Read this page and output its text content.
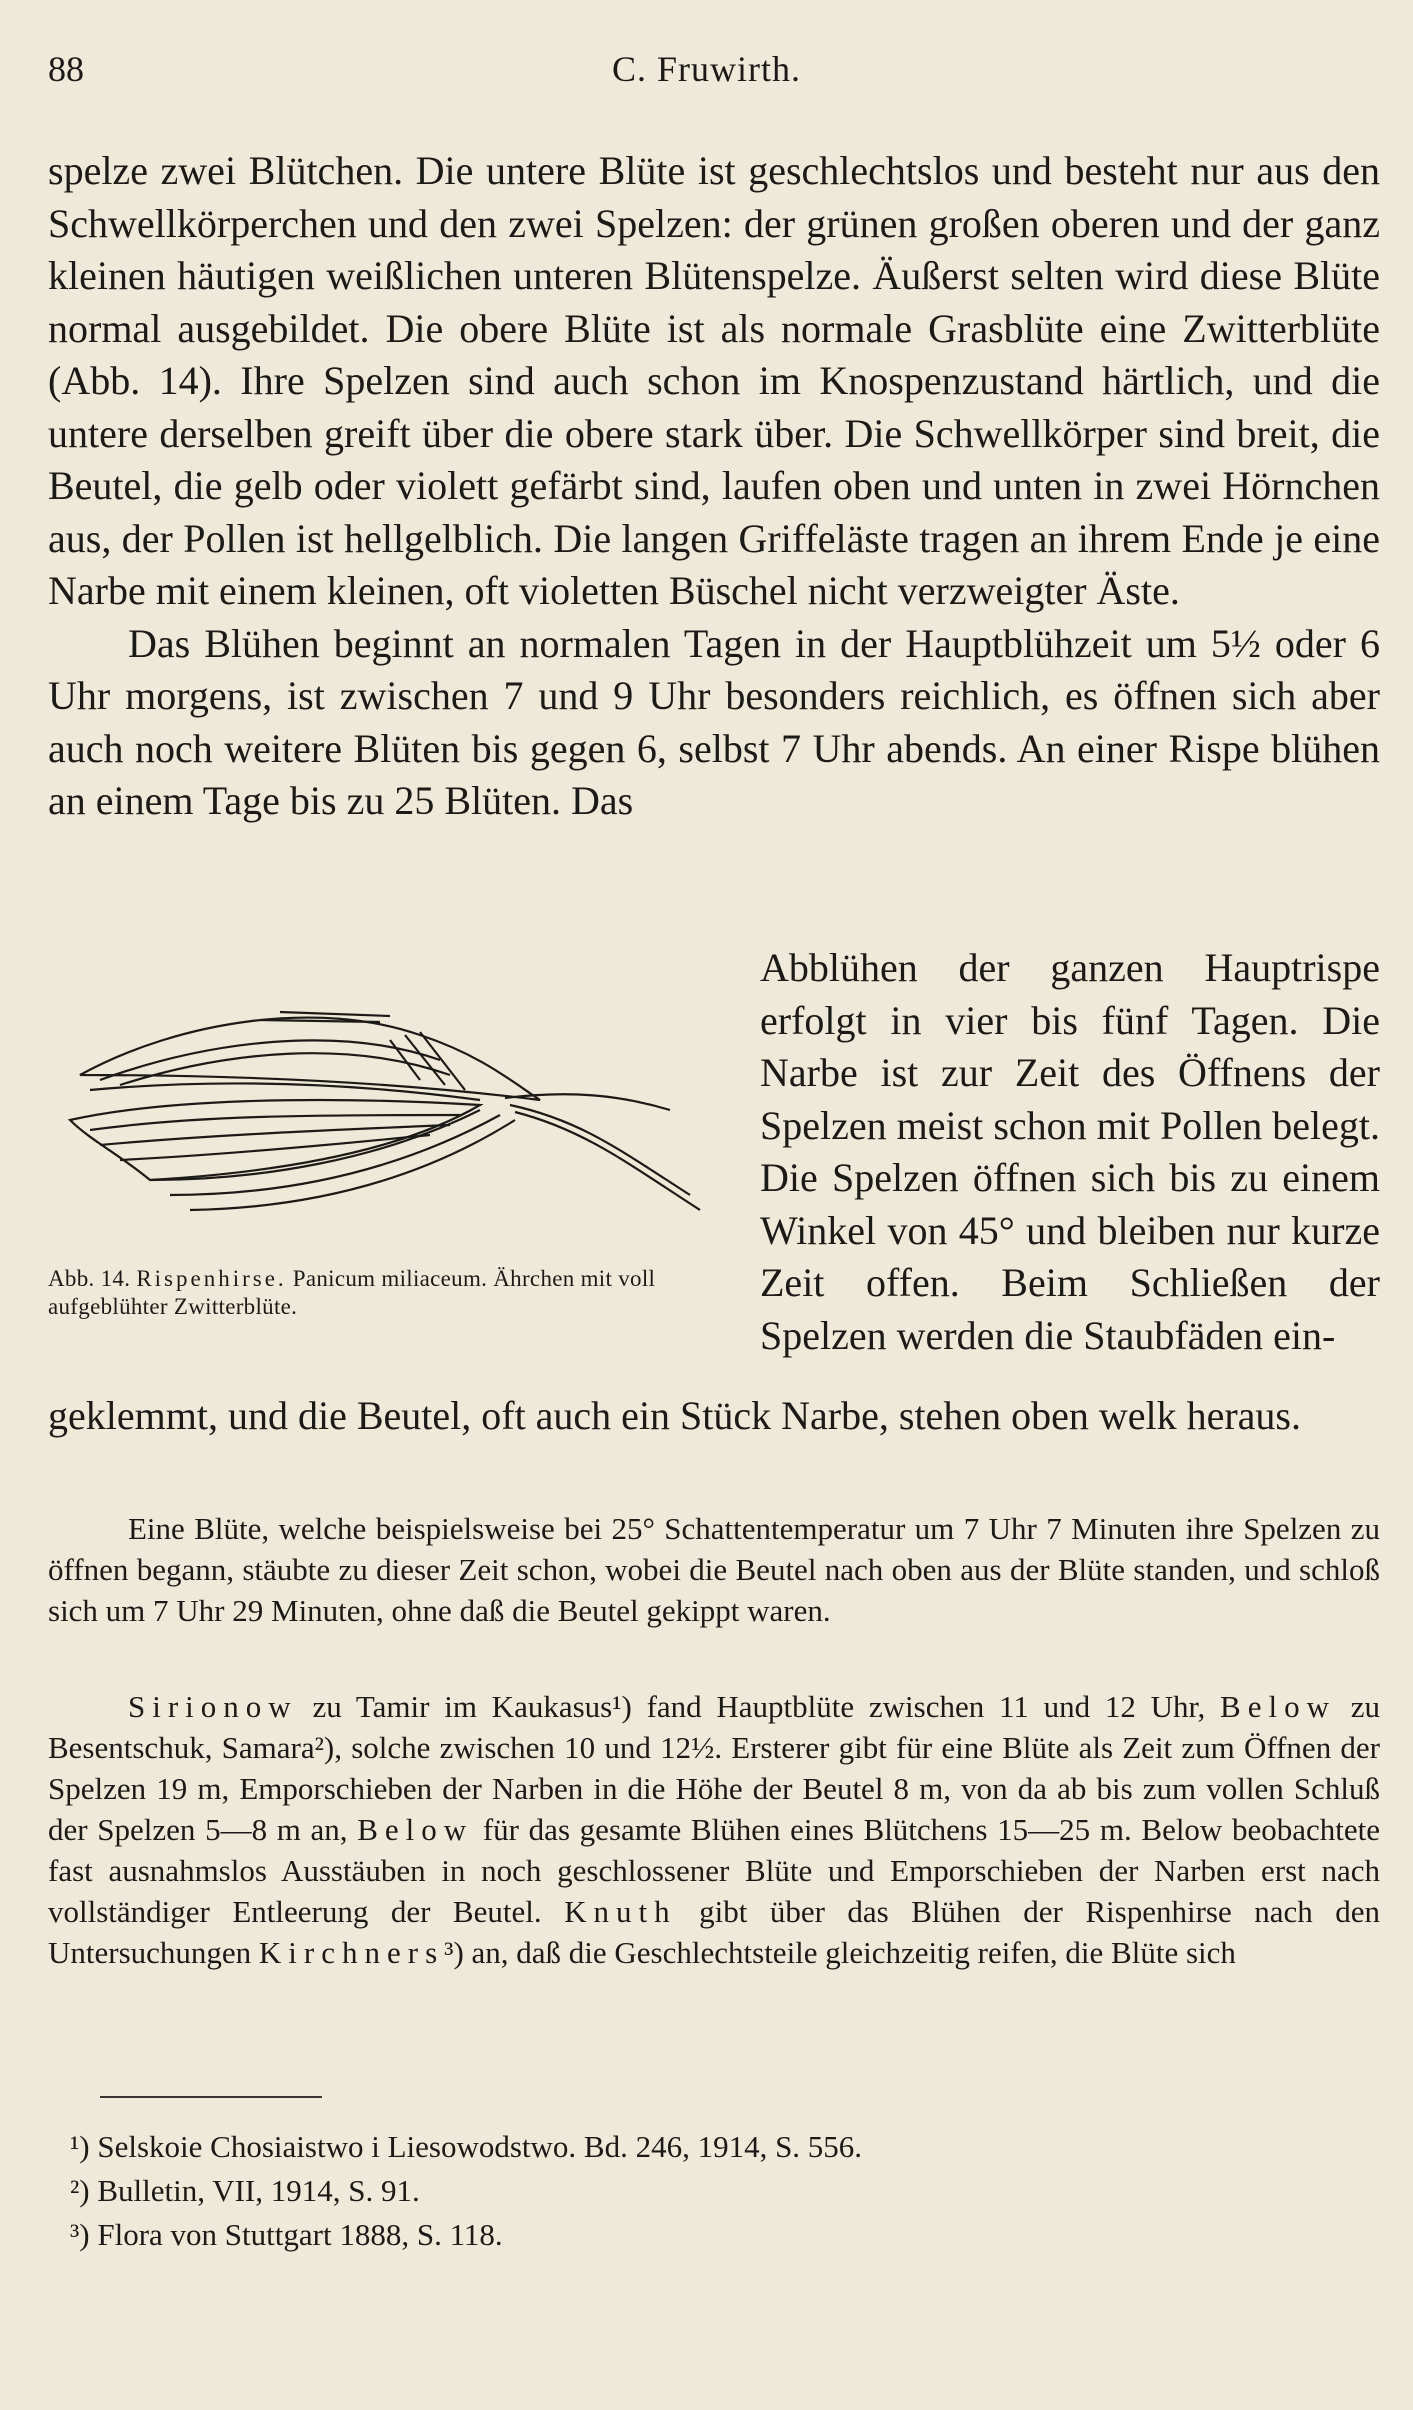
88	C. Fruwirth.

spelze zwei Blütchen. Die untere Blüte ist geschlechtslos und besteht nur aus den Schwellkörperchen und den zwei Spelzen: der grünen großen oberen und der ganz kleinen häutigen weißlichen unteren Blütenspelze. Äußerst selten wird diese Blüte normal ausgebildet. Die obere Blüte ist als normale Grasblüte eine Zwitterblüte (Abb. 14). Ihre Spelzen sind auch schon im Knospenzustand härtlich, und die untere derselben greift über die obere stark über. Die Schwellkörper sind breit, die Beutel, die gelb oder violett gefärbt sind, laufen oben und unten in zwei Hörnchen aus, der Pollen ist hellgelblich. Die langen Griffeläste tragen an ihrem Ende je eine Narbe mit einem kleinen, oft violetten Büschel nicht verzweigter Äste.

Das Blühen beginnt an normalen Tagen in der Hauptblühzeit um 5½ oder 6 Uhr morgens, ist zwischen 7 und 9 Uhr besonders reichlich, es öffnen sich aber auch noch weitere Blüten bis gegen 6, selbst 7 Uhr abends. An einer Rispe blühen an einem Tage bis zu 25 Blüten. Das

Abb. 14. Rispenhirse. Panicum miliaceum. Ährchen mit voll aufgeblühter Zwitterblüte.

Abblühen der ganzen Hauptrispe erfolgt in vier bis fünf Tagen. Die Narbe ist zur Zeit des Öffnens der Spelzen meist schon mit Pollen belegt. Die Spelzen öffnen sich bis zu einem Winkel von 45° und bleiben nur kurze Zeit offen. Beim Schließen der Spelzen werden die Staubfäden ein-

geklemmt, und die Beutel, oft auch ein Stück Narbe, stehen oben welk heraus.

Eine Blüte, welche beispielsweise bei 25° Schattentemperatur um 7 Uhr 7 Minuten ihre Spelzen zu öffnen begann, stäubte zu dieser Zeit schon, wobei die Beutel nach oben aus der Blüte standen, und schloß sich um 7 Uhr 29 Minuten, ohne daß die Beutel gekippt waren.

Sirionow zu Tamir im Kaukasus¹) fand Hauptblüte zwischen 11 und 12 Uhr, Below zu Besentschuk, Samara²), solche zwischen 10 und 12½. Ersterer gibt für eine Blüte als Zeit zum Öffnen der Spelzen 19 m, Emporschieben der Narben in die Höhe der Beutel 8 m, von da ab bis zum vollen Schluß der Spelzen 5—8 m an, Below für das gesamte Blühen eines Blütchens 15—25 m. Below beobachtete fast ausnahmslos Ausstäuben in noch geschlossener Blüte und Emporschieben der Narben erst nach vollständiger Entleerung der Beutel. Knuth gibt über das Blühen der Rispenhirse nach den Untersuchungen Kirchners³) an, daß die Geschlechtsteile gleichzeitig reifen, die Blüte sich

¹) Selskoie Chosiaistwo i Liesowodstwo. Bd. 246, 1914, S. 556.
²) Bulletin, VII, 1914, S. 91.
³) Flora von Stuttgart 1888, S. 118.
